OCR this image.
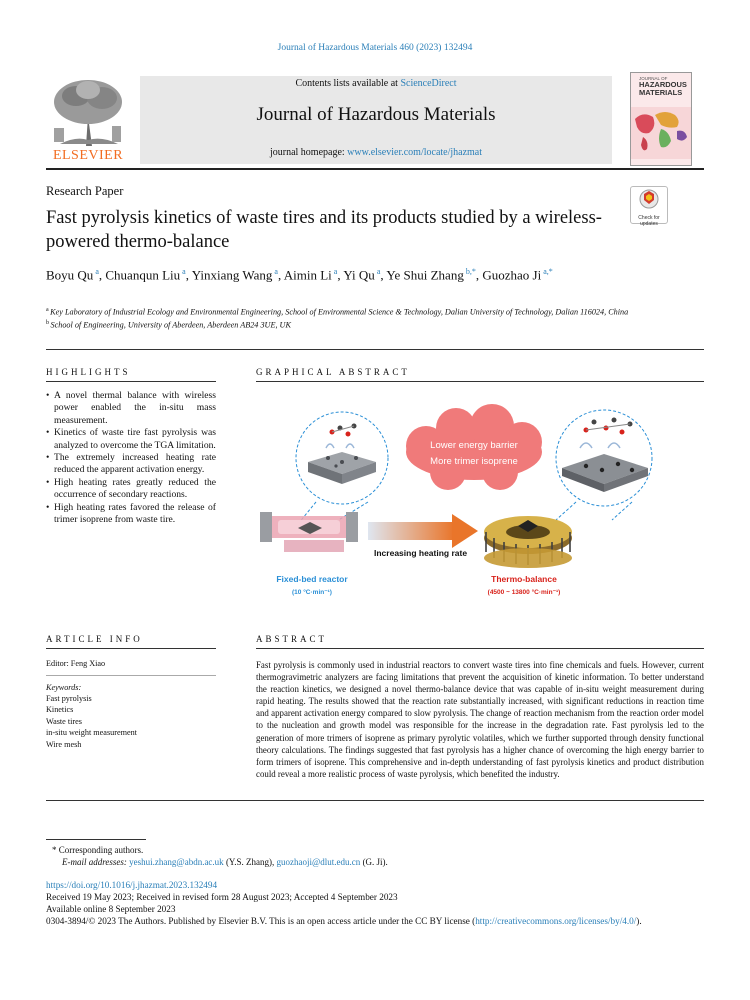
Journal of Hazardous Materials 460 (2023) 132494
ELSEVIER
Contents lists available at ScienceDirect
Journal of Hazardous Materials
journal homepage: www.elsevier.com/locate/jhazmat
JOURNAL OF
HAZARDOUS
MATERIALS
Research Paper
Check for
updates
Fast pyrolysis kinetics of waste tires and its products studied by a wireless-powered thermo-balance
Boyu Qu $^a$, Chuanqun Liu $^a$, Yinxiang Wang $^a$, Aimin Li $^a$, Yi Qu $^a$, Ye Shui Zhang $^{b,*}$, Guozhao Ji $^{a,*}$
$^a$ Key Laboratory of Industrial Ecology and Environmental Engineering, School of Environmental Science & Technology, Dalian University of Technology, Dalian 116024, China
$^b$ School of Engineering, University of Aberdeen, Aberdeen AB24 3UE, UK
HIGHLIGHTS
• A novel thermal balance with wireless power enabled the in-situ mass measurement.
• Kinetics of waste tire fast pyrolysis was analyzed to overcome the TGA limitation.
• The extremely increased heating rate reduced the apparent activation energy.
• High heating rates greatly reduced the occurrence of secondary reactions.
• High heating rates favored the release of trimer isoprene from waste tire.
GRAPHICAL ABSTRACT
Lower energy barrier
More trimer isoprene
Increasing heating rate
Fixed-bed reactor
(10 °C·min⁻¹)
Thermo-balance
(4500 ~ 13800 °C·min⁻¹)
ARTICLE INFO
Editor: Feng Xiao
Keywords:
Fast pyrolysis
Kinetics
Waste tires
in-situ weight measurement
Wire mesh
ABSTRACT
Fast pyrolysis is commonly used in industrial reactors to convert waste tires into fine chemicals and fuels. However, current thermogravimetric analyzers are facing limitations that prevent the acquisition of kinetic information. To better understand the reaction kinetics, we designed a novel thermo-balance device that was capable of in-situ weight measurement during rapid heating. The results showed that the reaction rate substantially increased, with significant reductions in reaction time and apparent activation energy compared to slow pyrolysis. The change of reaction mechanism from the reaction order model to the nucleation and growth model was responsible for the increase in the degradation rate. Fast pyrolysis led to the generation of more trimers of isoprene as primary pyrolytic volatiles, which we further supported through density functional theory calculations. The findings suggested that fast pyrolysis has a higher chance of overcoming the high energy barrier to form trimers of isoprene. This comprehensive and in-depth understanding of fast pyrolysis kinetics and product distribution could reveal a more realistic process of waste pyrolysis, which benefited the industry.
* Corresponding authors.
E-mail addresses: yeshui.zhang@abdn.ac.uk (Y.S. Zhang), guozhaoji@dlut.edu.cn (G. Ji).
https://doi.org/10.1016/j.jhazmat.2023.132494
Received 19 May 2023; Received in revised form 28 August 2023; Accepted 4 September 2023
Available online 8 September 2023
0304-3894/© 2023 The Authors. Published by Elsevier B.V. This is an open access article under the CC BY license (http://creativecommons.org/licenses/by/4.0/).
